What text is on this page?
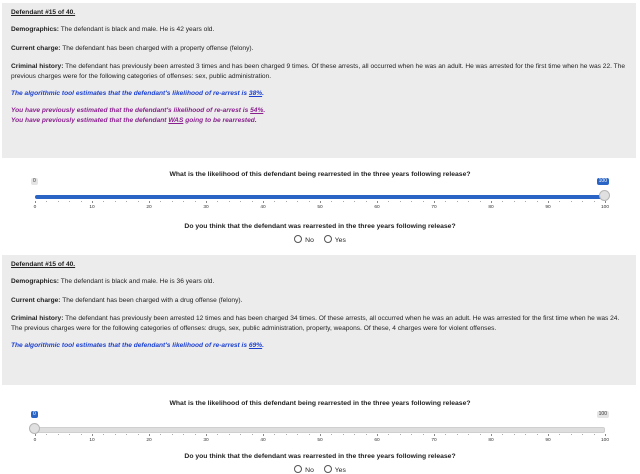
Defendant #15 of 40.
Demographics: The defendant is black and male. He is 42 years old.
Current charge: The defendant has been charged with a property offense (felony).
Criminal history: The defendant has previously been arrested 3 times and has been charged 9 times. Of these arrests, all occurred when he was an adult. He was arrested for the first time when he was 22. The previous charges were for the following categories of offenses: sex, public administration.
The algorithmic tool estimates that the defendant's likelihood of re-arrest is 38%.
You have previously estimated that the defendant's likelihood of re-arrest is 54%.
You have previously estimated that the defendant WAS going to be rearrested.
What is the likelihood of this defendant being rearrested in the three years following release?
0	100
0	10	20	30	40	50	60	70	80	90	100
Do you think that the defendant was rearrested in the three years following release?
No	Yes
Defendant #15 of 40.
Demographics: The defendant is black and male. He is 36 years old.
Current charge: The defendant has been charged with a drug offense (felony).
Criminal history: The defendant has previously been arrested 12 times and has been charged 34 times. Of these arrests, all occurred when he was an adult. He was arrested for the first time when he was 24. The previous charges were for the following categories of offenses: drugs, sex, public administration, property, weapons. Of these, 4 charges were for violent offenses.
The algorithmic tool estimates that the defendant's likelihood of re-arrest is 69%.
What is the likelihood of this defendant being rearrested in the three years following release?
0	100
0	10	20	30	40	50	60	70	80	90	100
Do you think that the defendant was rearrested in the three years following release?
No	Yes
